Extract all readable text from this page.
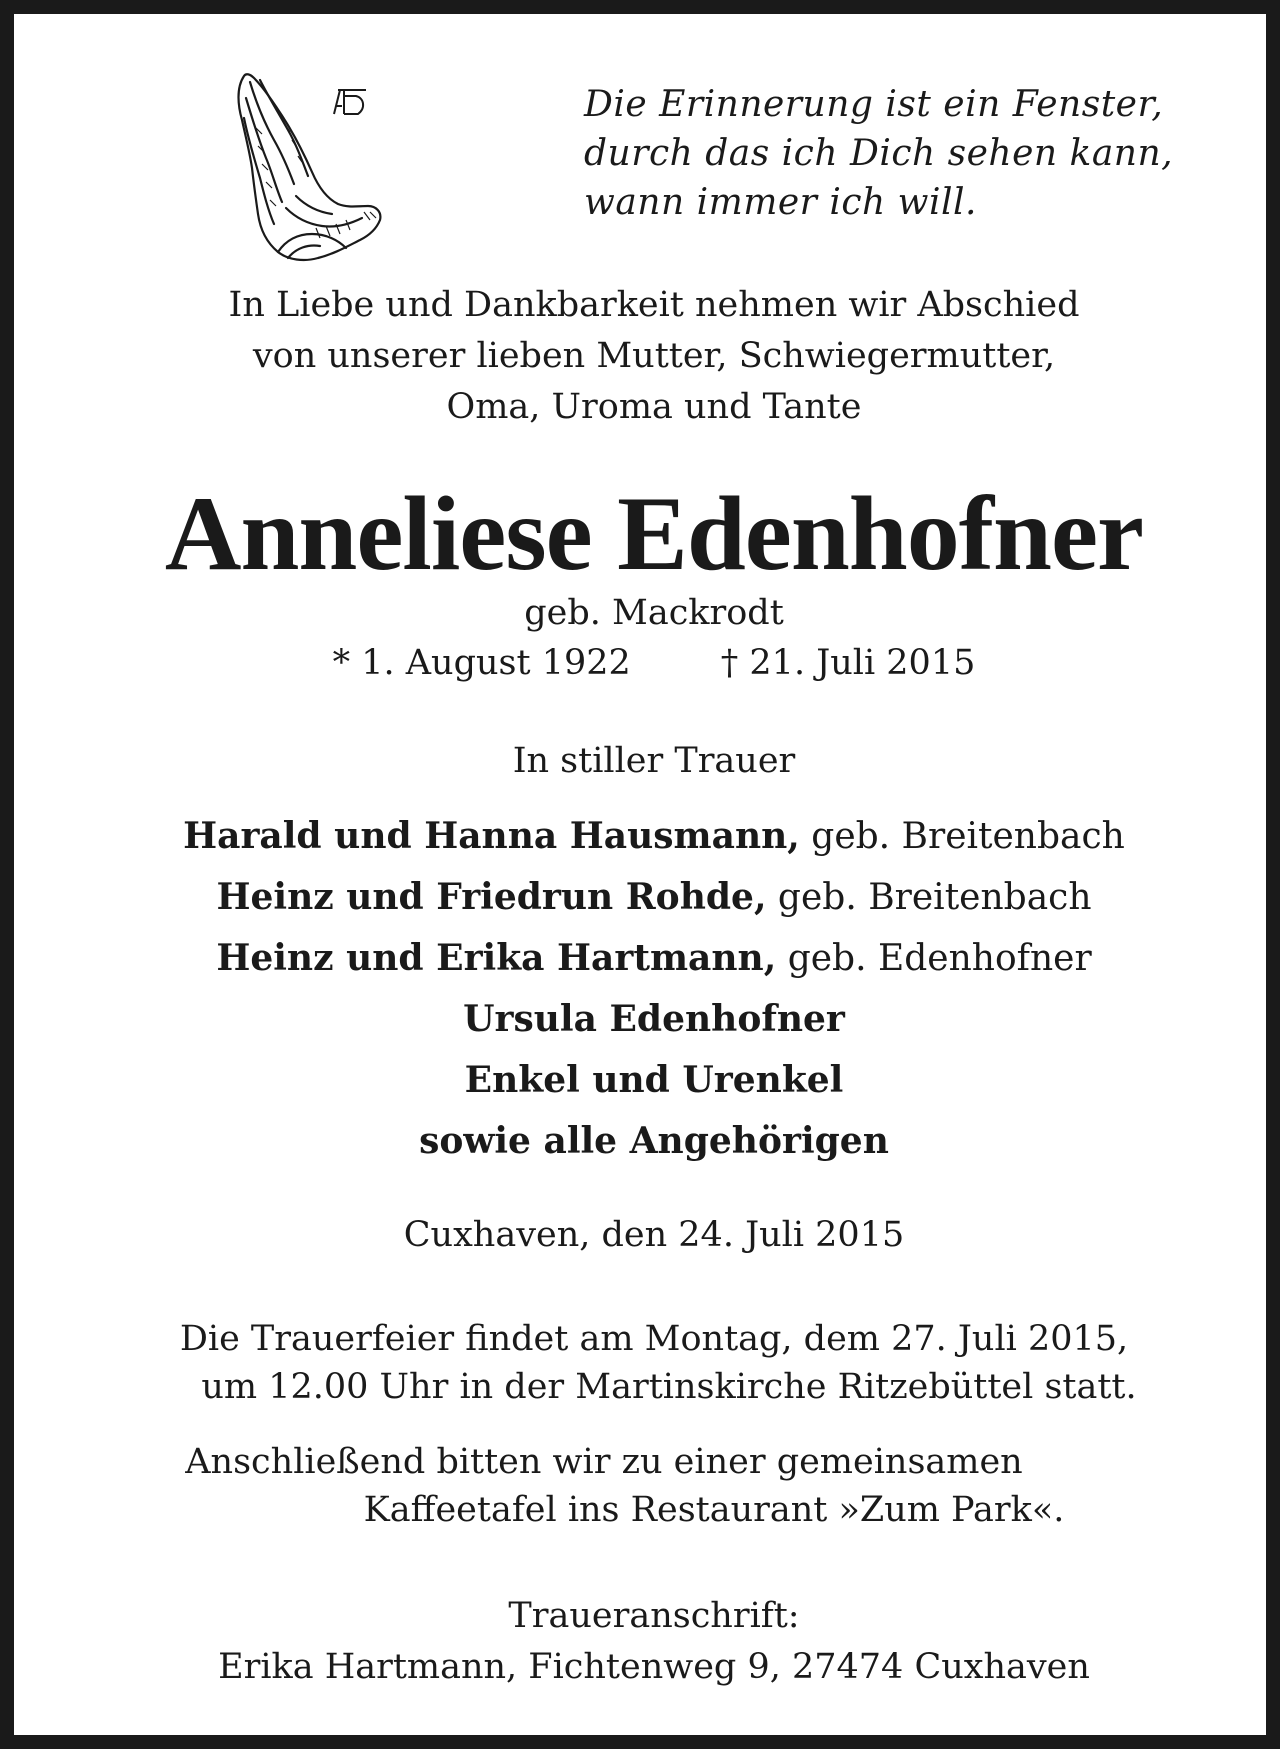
Die Erinnerung ist ein Fenster,
durch das ich Dich sehen kann,
wann immer ich will.
In Liebe und Dankbarkeit nehmen wir Abschied
von unserer lieben Mutter, Schwiegermutter,
Oma, Uroma und Tante
Anneliese Edenhofner
geb. Mackrodt
* 1. August 1922	† 21. Juli 2015
In stiller Trauer
Harald und Hanna Hausmann, geb. Breitenbach
Heinz und Friedrun Rohde, geb. Breitenbach
Heinz und Erika Hartmann, geb. Edenhofner
Ursula Edenhofner
Enkel und Urenkel
sowie alle Angehörigen
Cuxhaven, den 24. Juli 2015
Die Trauerfeier findet am Montag, dem 27. Juli 2015,
um 12.00 Uhr in der Martinskirche Ritzebüttel statt.
Anschließend bitten wir zu einer gemeinsamen
Kaffeetafel ins Restaurant »Zum Park«.
Traueranschrift:
Erika Hartmann, Fichtenweg 9, 27474 Cuxhaven
